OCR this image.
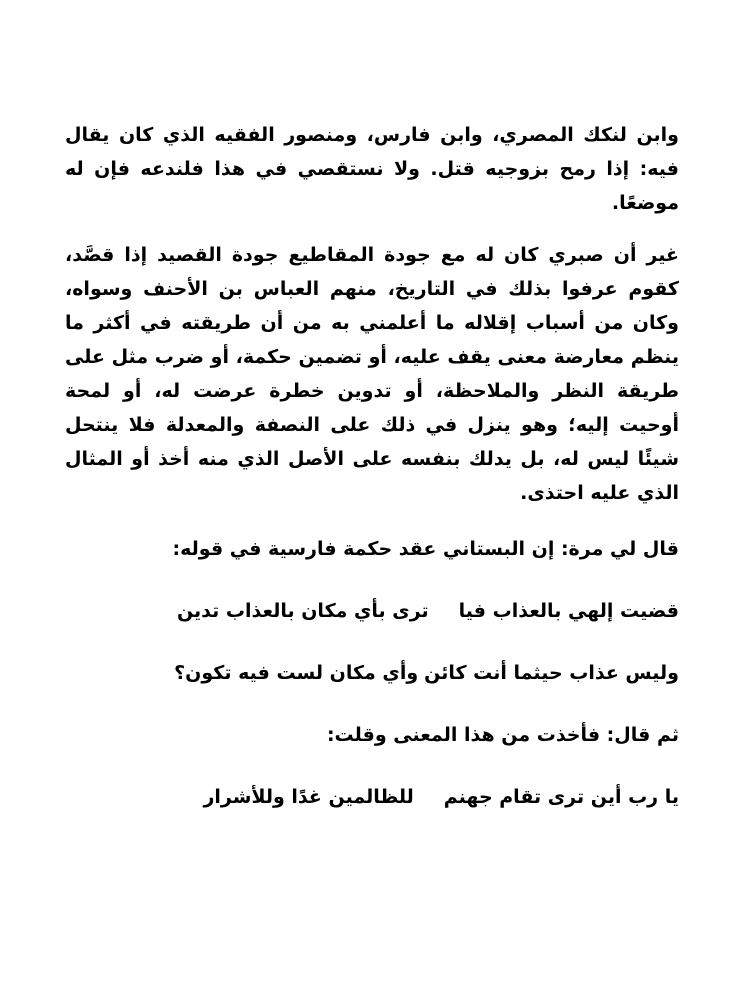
وابن لنكك المصري، وابن فارس، ومنصور الفقيه الذي كان يقال فيه: إذا رمح بزوجيه قتل. ولا نستقصي في هذا فلندعه فإن له موضعًا.

غير أن صبري كان له مع جودة المقاطيع جودة القصيد إذا قصَّد، كقوم عرفوا بذلك في التاريخ، منهم العباس بن الأحنف وسواه، وكان من أسباب إقلاله ما أعلمني به من أن طريقته في أكثر ما ينظم معارضة معنى يقف عليه، أو تضمين حكمة، أو ضرب مثل على طريقة النظر والملاحظة، أو تدوين خطرة عرضت له، أو لمحة أوحيت إليه؛ وهو ينزل في ذلك على النصفة والمعدلة فلا ينتحل شيئًا ليس له، بل يدلك بنفسه على الأصل الذي منه أخذ أو المثال الذي عليه احتذى.

قال لي مرة: إن البستاني عقد حكمة فارسية في قوله:

قضيت إلهي بالعذاب فيا
ترى بأي مكان بالعذاب تدين
وليس عذاب حيثما أنت كائن
وأي مكان لست فيه تكون؟

ثم قال: فأخذت من هذا المعنى وقلت:

يا رب أين ترى تقام جهنم
للظالمين غدًا وللأشرار
